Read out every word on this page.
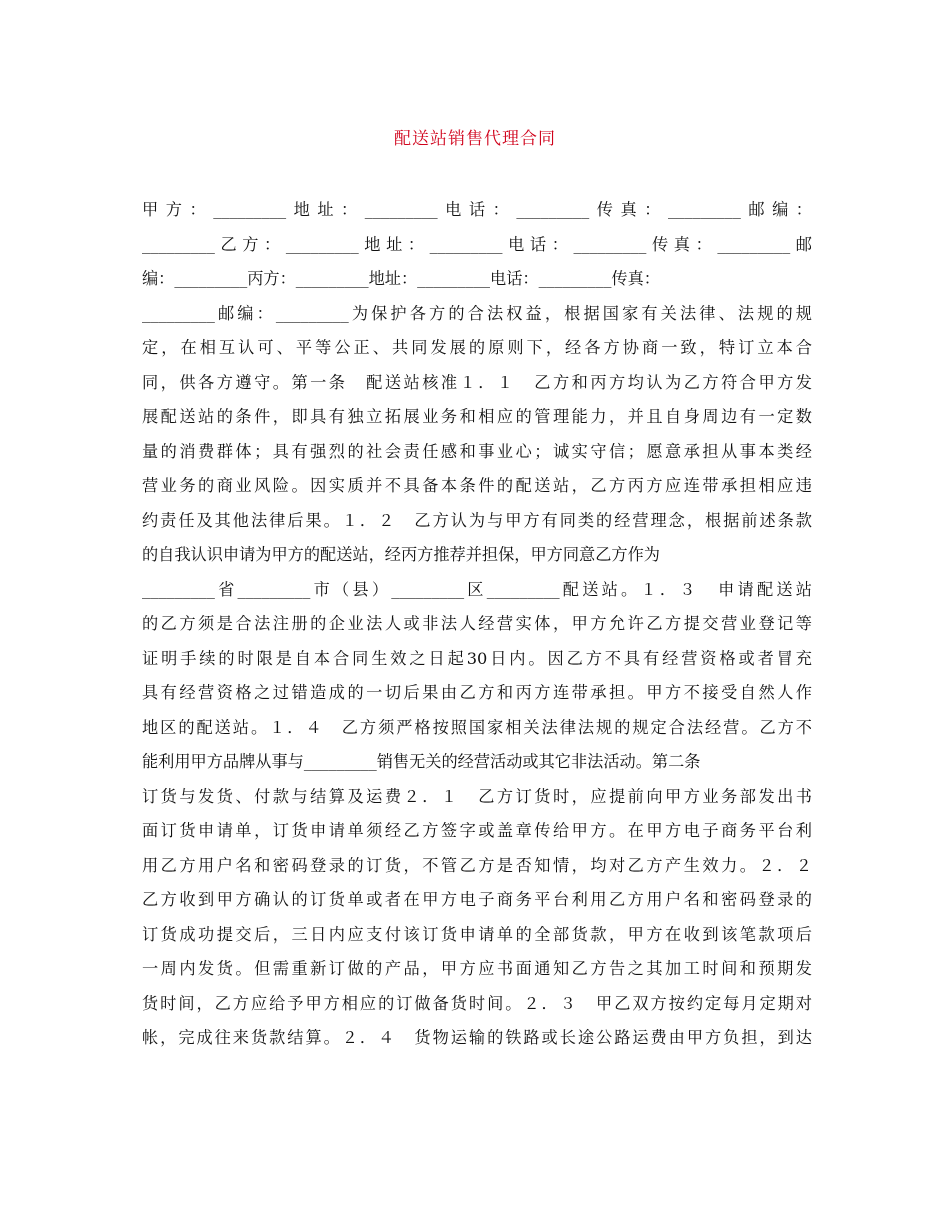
配送站销售代理合同
甲方：_________地址：_________电话：_________传真：_________邮编：
_________乙方：_________地址：_________电话：_________传真：_________邮
编：_________丙方：_________地址：_________电话：_________传真：
_________邮编：_________为保护各方的合法权益，根据国家有关法律、法规的规
定，在相互认可、平等公正、共同发展的原则下，经各方协商一致，特订立本合
同，供各方遵守。第一条　配送站核准１．１　乙方和丙方均认为乙方符合甲方发
展配送站的条件，即具有独立拓展业务和相应的管理能力，并且自身周边有一定数
量的消费群体；具有强烈的社会责任感和事业心；诚实守信；愿意承担从事本类经
营业务的商业风险。因实质并不具备本条件的配送站，乙方丙方应连带承担相应违
约责任及其他法律后果。１．２　乙方认为与甲方有同类的经营理念，根据前述条款
的自我认识申请为甲方的配送站，经丙方推荐并担保，甲方同意乙方作为
_________省_________市（县）_________区_________配送站。１．３　申请配送站
的乙方须是合法注册的企业法人或非法人经营实体，甲方允许乙方提交营业登记等
证明手续的时限是自本合同生效之日起30日内。因乙方不具有经营资格或者冒充
具有经营资格之过错造成的一切后果由乙方和丙方连带承担。甲方不接受自然人作
地区的配送站。１．４　乙方须严格按照国家相关法律法规的规定合法经营。乙方不
能利用甲方品牌从事与_________销售无关的经营活动或其它非法活动。第二条
订货与发货、付款与结算及运费２．１　乙方订货时，应提前向甲方业务部发出书
面订货申请单，订货申请单须经乙方签字或盖章传给甲方。在甲方电子商务平台利
用乙方用户名和密码登录的订货，不管乙方是否知情，均对乙方产生效力。２．２
乙方收到甲方确认的订货单或者在甲方电子商务平台利用乙方用户名和密码登录的
订货成功提交后，三日内应支付该订货申请单的全部货款，甲方在收到该笔款项后
一周内发货。但需重新订做的产品，甲方应书面通知乙方告之其加工时间和预期发
货时间，乙方应给予甲方相应的订做备货时间。２．３　甲乙双方按约定每月定期对
帐，完成往来货款结算。２．４　货物运输的铁路或长途公路运费由甲方负担，到达
